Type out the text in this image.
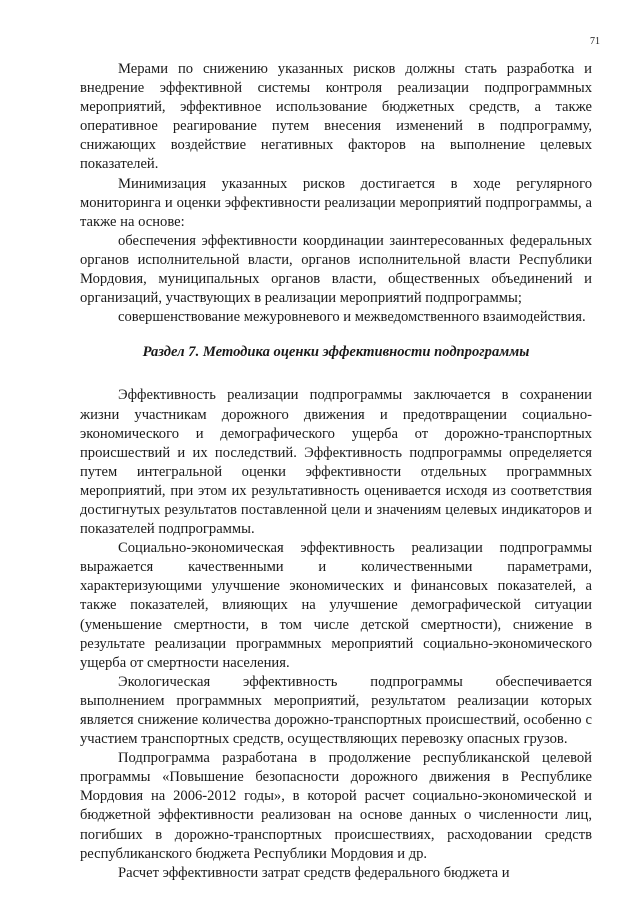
71

Мерами по снижению указанных рисков должны стать разработка и внедрение эффективной системы контроля реализации подпрограммных мероприятий, эффективное использование бюджетных средств, а также оперативное реагирование путем внесения изменений в подпрограмму, снижающих воздействие негативных факторов на выполнение целевых показателей.

Минимизация указанных рисков достигается в ходе регулярного мониторинга и оценки эффективности реализации мероприятий подпрограммы, а также на основе:

обеспечения эффективности координации заинтересованных федеральных органов исполнительной власти, органов исполнительной власти Республики Мордовия, муниципальных органов власти, общественных объединений и организаций, участвующих в реализации мероприятий подпрограммы;

совершенствование межуровневого и межведомственного взаимодействия.

Раздел 7. Методика оценки эффективности подпрограммы

Эффективность реализации подпрограммы заключается в сохранении жизни участникам дорожного движения и предотвращении социально-экономического и демографического ущерба от дорожно-транспортных происшествий и их последствий. Эффективность подпрограммы определяется путем интегральной оценки эффективности отдельных программных мероприятий, при этом их результативность оценивается исходя из соответствия достигнутых результатов поставленной цели и значениям целевых индикаторов и показателей подпрограммы.

Социально-экономическая эффективность реализации подпрограммы выражается качественными и количественными параметрами, характеризующими улучшение экономических и финансовых показателей, а также показателей, влияющих на улучшение демографической ситуации (уменьшение смертности, в том числе детской смертности), снижение в результате реализации программных мероприятий социально-экономического ущерба от смертности населения.

Экологическая эффективность подпрограммы обеспечивается выполнением программных мероприятий, результатом реализации которых является снижение количества дорожно-транспортных происшествий, особенно с участием транспортных средств, осуществляющих перевозку опасных грузов.

Подпрограмма разработана в продолжение республиканской целевой программы «Повышение безопасности дорожного движения в Республике Мордовия на 2006-2012 годы», в которой расчет социально-экономической и бюджетной эффективности реализован на основе данных о численности лиц, погибших в дорожно-транспортных происшествиях, расходовании средств республиканского бюджета Республики Мордовия и др.

Расчет эффективности затрат средств федерального бюджета и
